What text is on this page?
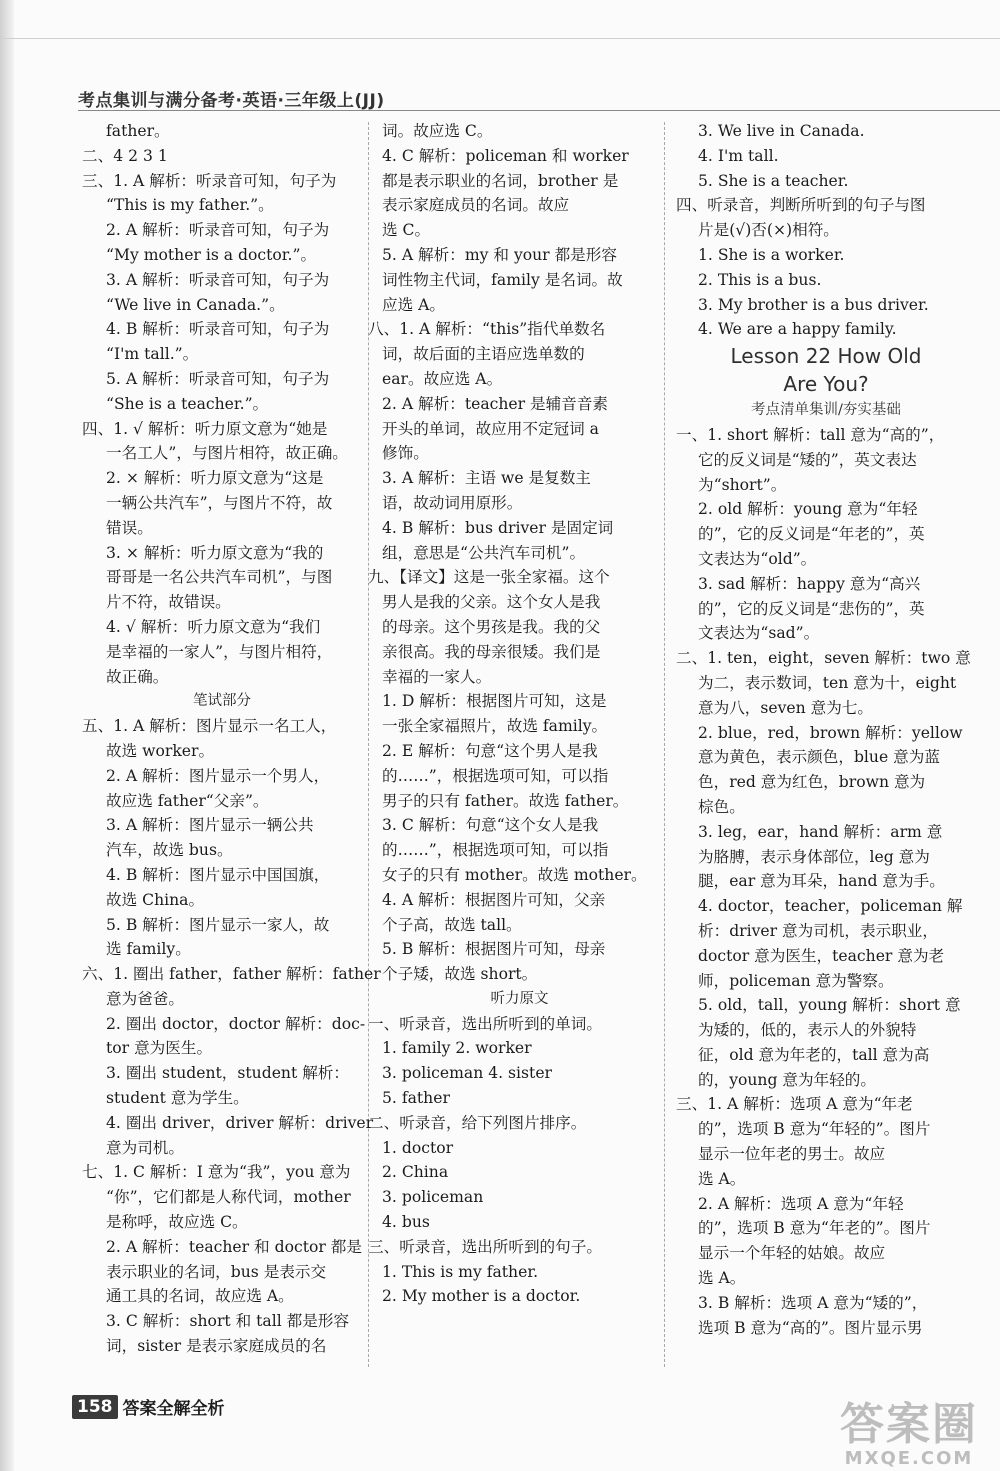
考点集训与满分备考·英语·三年级上(JJ)

father。

二、4 2 3 1

三、1. A 解析：听录音可知，句子为

“This is my father.”。

2. A 解析：听录音可知，句子为

“My mother is a doctor.”。

3. A 解析：听录音可知，句子为

“We live in Canada.”。

4. B 解析：听录音可知，句子为

“I'm tall.”。

5. A 解析：听录音可知，句子为

“She is a teacher.”。

四、1. √ 解析：听力原文意为“她是

一名工人”，与图片相符，故正确。

2. × 解析：听力原文意为“这是

一辆公共汽车”，与图片不符，故

错误。

3. × 解析：听力原文意为“我的

哥哥是一名公共汽车司机”，与图

片不符，故错误。

4. √ 解析：听力原文意为“我们

是幸福的一家人”，与图片相符，

故正确。

笔试部分

五、1. A 解析：图片显示一名工人，

故选 worker。

2. A 解析：图片显示一个男人，

故应选 father“父亲”。

3. A 解析：图片显示一辆公共

汽车，故选 bus。

4. B 解析：图片显示中国国旗，

故选 China。

5. B 解析：图片显示一家人，故

选 family。

六、1. 圈出 father，father 解析：father

意为爸爸。

2. 圈出 doctor，doctor 解析：doc-

tor 意为医生。

3. 圈出 student，student 解析：

student 意为学生。

4. 圈出 driver，driver 解析：driver

意为司机。

七、1. C 解析：I 意为“我”，you 意为

“你”，它们都是人称代词，mother

是称呼，故应选 C。

2. A 解析：teacher 和 doctor 都是

表示职业的名词，bus 是表示交

通工具的名词，故应选 A。

3. C 解析：short 和 tall 都是形容

词，sister 是表示家庭成员的名

词。故应选 C。

4. C 解析：policeman 和 worker

都是表示职业的名词，brother 是

表示家庭成员的名词。故应

选 C。

5. A 解析：my 和 your 都是形容

词性物主代词，family 是名词。故

应选 A。

八、1. A 解析：“this”指代单数名

词，故后面的主语应选单数的

ear。故应选 A。

2. A 解析：teacher 是辅音音素

开头的单词，故应用不定冠词 a

修饰。

3. A 解析：主语 we 是复数主

语，故动词用原形。

4. B 解析：bus driver 是固定词

组，意思是“公共汽车司机”。

九、【译文】这是一张全家福。这个

男人是我的父亲。这个女人是我

的母亲。这个男孩是我。我的父

亲很高。我的母亲很矮。我们是

幸福的一家人。

1. D 解析：根据图片可知，这是

一张全家福照片，故选 family。

2. E 解析：句意“这个男人是我

的……”，根据选项可知，可以指

男子的只有 father。故选 father。

3. C 解析：句意“这个女人是我

的……”，根据选项可知，可以指

女子的只有 mother。故选 mother。

4. A 解析：根据图片可知，父亲

个子高，故选 tall。

5. B 解析：根据图片可知，母亲

个子矮，故选 short。

听力原文

一、听录音，选出所听到的单词。

1. family 2. worker

3. policeman 4. sister

5. father

二、听录音，给下列图片排序。

1. doctor

2. China

3. policeman

4. bus

三、听录音，选出所听到的句子。

1. This is my father.

2. My mother is a doctor.

3. We live in Canada.

4. I'm tall.

5. She is a teacher.

四、听录音，判断所听到的句子与图

片是(√)否(×)相符。

1. She is a worker.

2. This is a bus.

3. My brother is a bus driver.

4. We are a happy family.

Lesson 22 How Old

Are You?

考点清单集训/夯实基础

一、1. short 解析：tall 意为“高的”，

它的反义词是“矮的”，英文表达

为“short”。

2. old 解析：young 意为“年轻

的”，它的反义词是“年老的”，英

文表达为“old”。

3. sad 解析：happy 意为“高兴

的”，它的反义词是“悲伤的”，英

文表达为“sad”。

二、1. ten，eight，seven 解析：two 意

为二，表示数词，ten 意为十，eight

意为八，seven 意为七。

2. blue，red，brown 解析：yellow

意为黄色，表示颜色，blue 意为蓝

色，red 意为红色，brown 意为

棕色。

3. leg，ear，hand 解析：arm 意

为胳膊，表示身体部位，leg 意为

腿，ear 意为耳朵，hand 意为手。

4. doctor，teacher，policeman 解

析：driver 意为司机，表示职业，

doctor 意为医生，teacher 意为老

师，policeman 意为警察。

5. old，tall，young 解析：short 意

为矮的，低的，表示人的外貌特

征，old 意为年老的，tall 意为高

的，young 意为年轻的。

三、1. A 解析：选项 A 意为“年老

的”，选项 B 意为“年轻的”。图片

显示一位年老的男士。故应

选 A。

2. A 解析：选项 A 意为“年轻

的”，选项 B 意为“年老的”。图片

显示一个年轻的姑娘。故应

选 A。

3. B 解析：选项 A 意为“矮的”，

选项 B 意为“高的”。图片显示男

158 答案全解全析	答案圈
MXQE.COM
